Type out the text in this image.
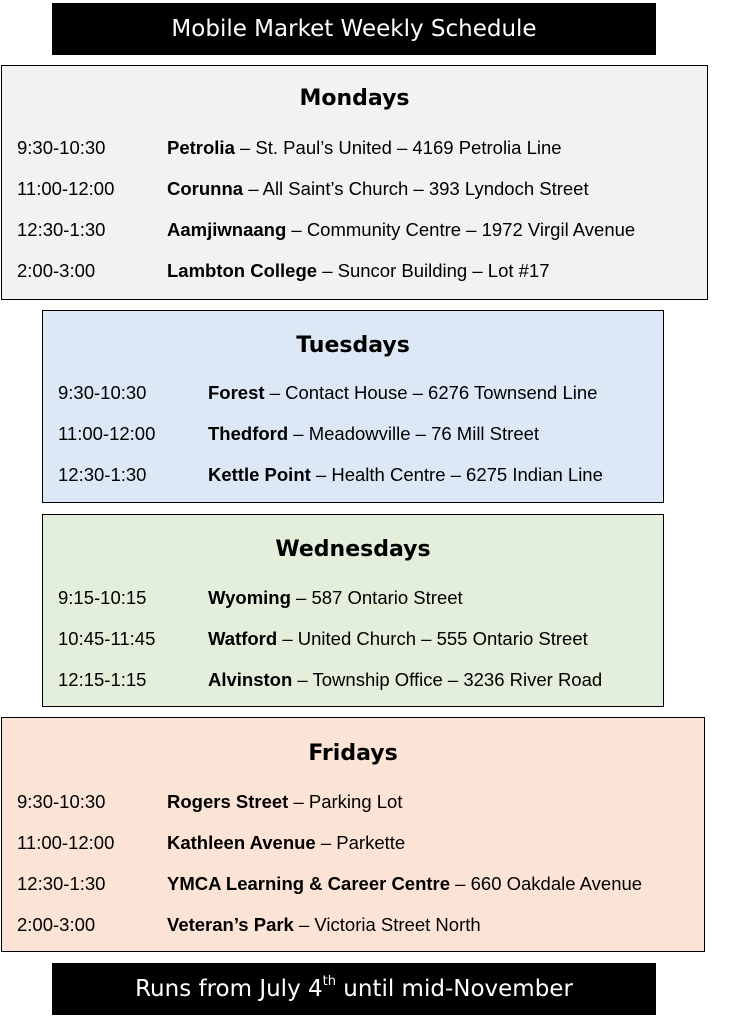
Mobile Market Weekly Schedule
Mondays
9:30-10:30	Petrolia – St. Paul’s United – 4169 Petrolia Line
11:00-12:00	Corunna – All Saint’s Church – 393 Lyndoch Street
12:30-1:30	Aamjiwnaang – Community Centre – 1972 Virgil Avenue
2:00-3:00	Lambton College – Suncor Building – Lot #17
Tuesdays
9:30-10:30	Forest – Contact House – 6276 Townsend Line
11:00-12:00	Thedford – Meadowville – 76 Mill Street
12:30-1:30	Kettle Point – Health Centre – 6275 Indian Line
Wednesdays
9:15-10:15	Wyoming – 587 Ontario Street
10:45-11:45	Watford – United Church – 555 Ontario Street
12:15-1:15	Alvinston – Township Office – 3236 River Road
Fridays
9:30-10:30	Rogers Street – Parking Lot
11:00-12:00	Kathleen Avenue – Parkette
12:30-1:30	YMCA Learning & Career Centre – 660 Oakdale Avenue
2:00-3:00	Veteran’s Park – Victoria Street North
Runs from July 4th until mid-November
